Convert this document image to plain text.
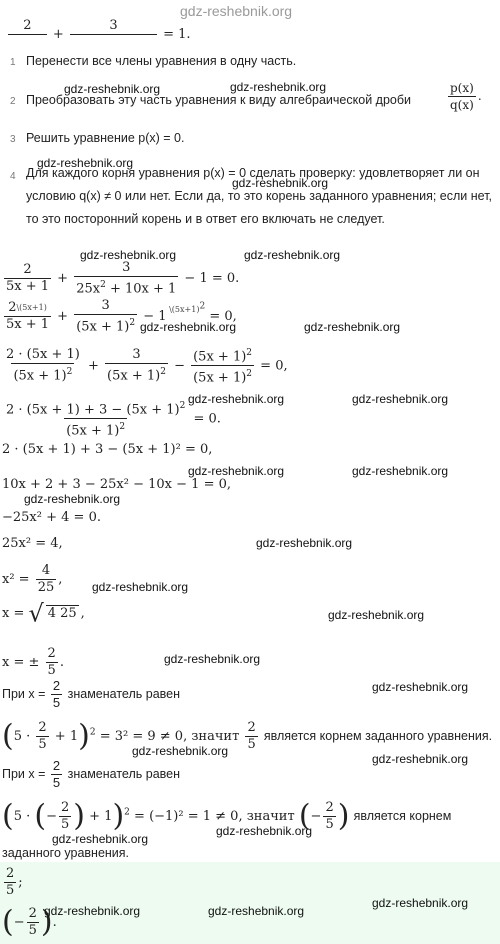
2
+
3
= 1.
gdz-reshebnik.org
1 Перенести все члены уравнения в одну часть.
2 Преобразовать эту часть уравнения к виду алгебраической дроби	$\frac{p(x)}{q(x)}$ .
3 Решить уравнение p(x) = 0.
4 Для каждого корня уравнения p(x) = 0 сделать проверку: удовлетворяет ли он условию q(x) ≠ 0 или нет. Если да, то это корень заданного уравнения; если нет, то это посторонний корень и в ответ его включать не следует.
$\frac{2}{5x + 1} + \frac{3}{25x^2 + 10x + 1} - 1 = 0$.
$\frac{2^{\backslash(5x+1)}}{5x + 1} + \frac{3}{(5x + 1)^2} - 1$ $^{\backslash(5x+1)2}$ = 0,
$\frac{2 \cdot (5x + 1)}{(5x + 1)^2} + \frac{3}{(5x + 1)^2} - \frac{(5x + 1)^2}{(5x + 1)^2} = 0$,
$\frac{2 \cdot (5x + 1) + 3 - (5x + 1)^2}{(5x + 1)^2} = 0$.
2 · (5x + 1) + 3 − (5x + 1)² = 0,
10x + 2 + 3 − 25x² − 10x − 1 = 0,
−25x² + 4 = 0.
25x² = 4,
$x^2 = \frac{4}{25}$ ,
x = √ 4 25 ,
x = ± $\frac{2}{5}$ .
При $x = \frac{2}{5}$ знаменатель равен
$(5 \cdot \frac{2}{5} + 1)^2 = 3^2 = 9 \ne 0$, значит $\frac{2}{5}$ является корнем заданного уравнения.
При $x = \frac{2}{5}$ знаменатель равен
(5 · (− $\frac{2}{5}$ ) + 1)$^2$ = (−1)² = 1 ≠ 0, значит (− $\frac{2}{5}$ ) является корнем
заданного уравнения.
$\frac{2}{5}$ ;
(− $\frac{2}{5}$ ).
gdz-reshebnik.org	gdz-reshebnik.org
gdz-reshebnik.org
gdz-reshebnik.org
gdz-reshebnik.org	gdz-reshebnik.org
gdz-reshebnik.org	gdz-reshebnik.org
gdz-reshebnik.org	gdz-reshebnik.org
gdz-reshebnik.org	gdz-reshebnik.org
gdz-reshebnik.org
gdz-reshebnik.org
gdz-reshebnik.org
gdz-reshebnik.org
gdz-reshebnik.org
gdz-reshebnik.org
gdz-reshebnik.org
gdz-reshebnik.org
gdz-reshebnik.org
gdz-reshebnik.org
gdz-reshebnik.org
gdz-reshebnik.org	gdz-reshebnik.org
